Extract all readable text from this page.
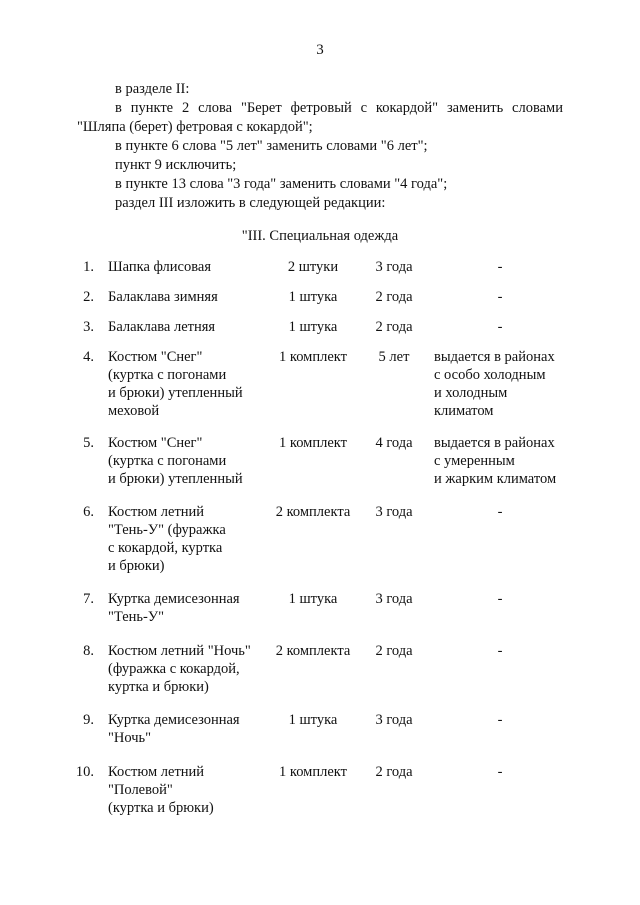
3

в разделе II:

в пункте 2 слова "Берет фетровый с кокардой" заменить словами

"Шляпа (берет) фетровая с кокардой";

в пункте 6 слова "5 лет" заменить словами "6 лет";

пункт 9 исключить;

в пункте 13 слова "3 года" заменить словами "4 года";

раздел III изложить в следующей редакции:

"III. Специальная одежда
1. Шапка флисовая	2 штуки	3 года	-
2. Балаклава зимняя	1 штука	2 года	-
3. Балаклава летняя	1 штука	2 года	-
4. Костюм "Снег"
(куртка с погонами
и брюки) утепленный
меховой
1 комплект	5 лет	выдается в районах
с особо холодным
и холодным
климатом
5. Костюм "Снег"
(куртка с погонами
и брюки) утепленный
1 комплект	4 года	выдается в районах
с умеренным
и жарким климатом
6. Костюм летний
"Тень-У" (фуражка
с кокардой, куртка
и брюки)
2 комплекта	3 года	-
7. Куртка демисезонная
"Тень-У"
1 штука	3 года	-
8. Костюм летний "Ночь"
(фуражка с кокардой,
куртка и брюки)
2 комплекта	2 года	-
9. Куртка демисезонная
"Ночь"
1 штука	3 года	-
10. Костюм летний
"Полевой"
(куртка и брюки)
1 комплект	2 года	-
